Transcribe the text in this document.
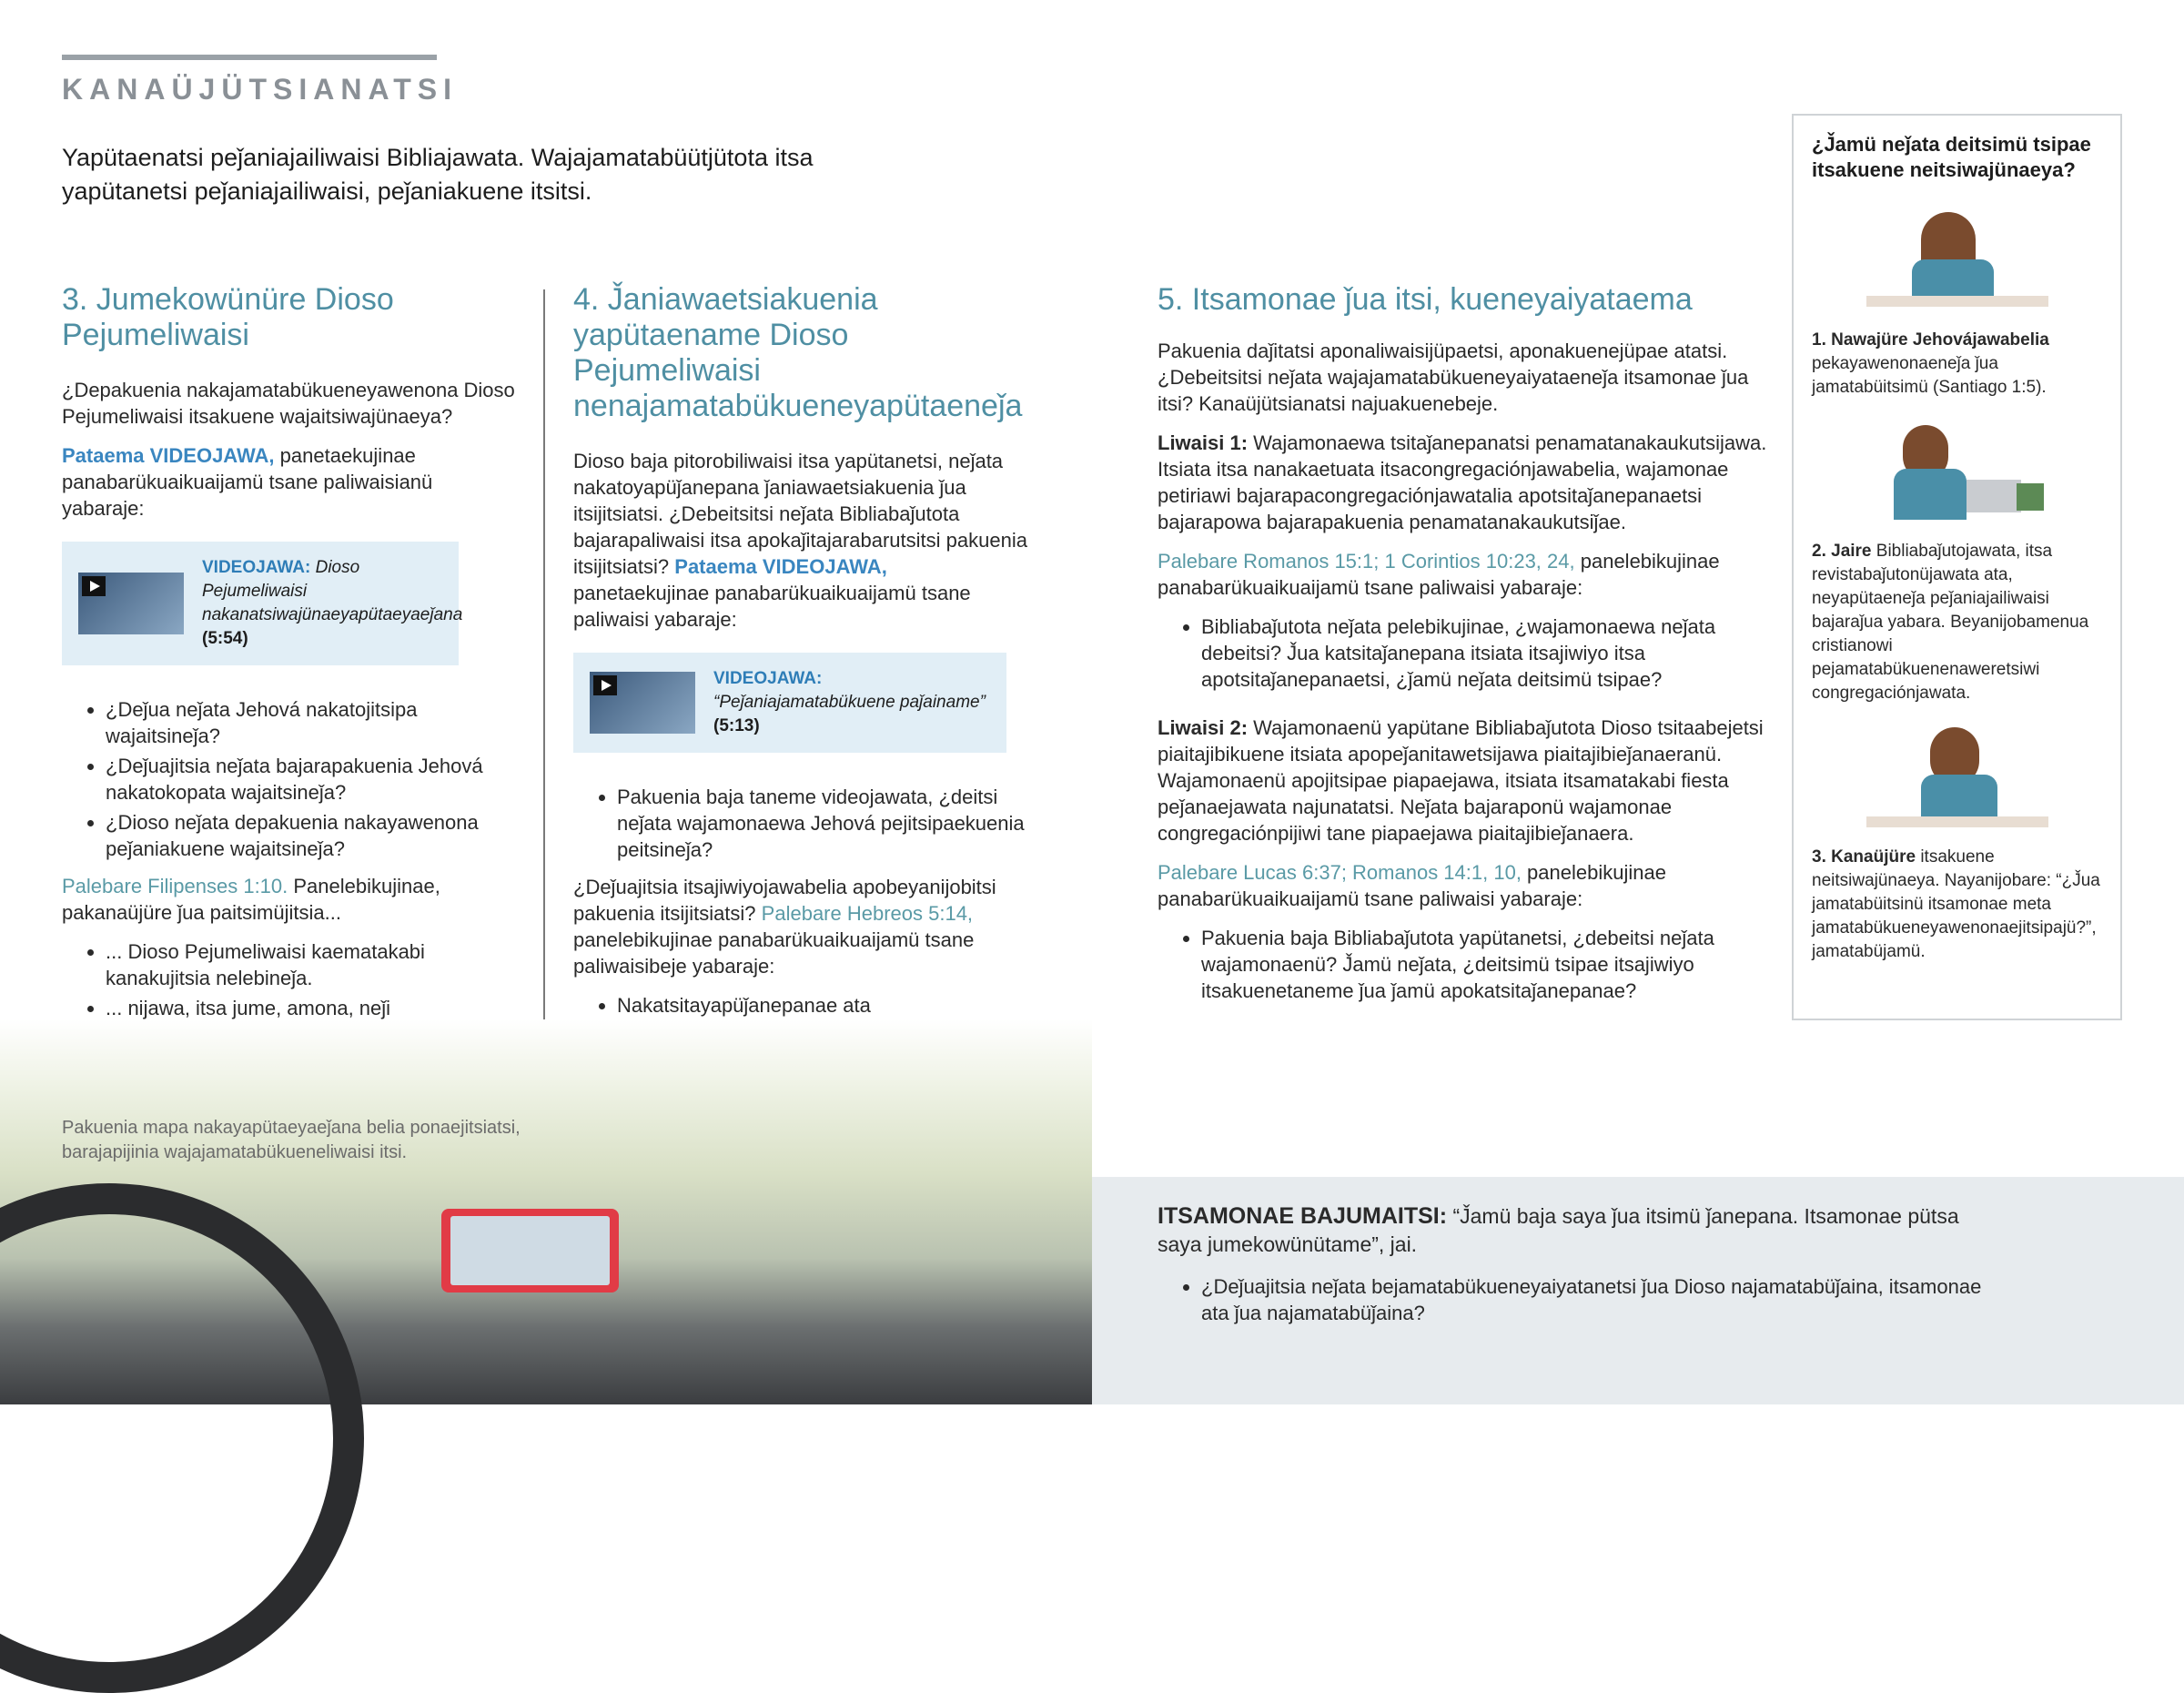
KANAÜJÜTSIANATSI
Yapütaenatsi peǰaniajailiwaisi Bibliajawata. Wajajamatabüütjütota itsa yapütanetsi peǰaniajailiwaisi, peǰaniakuene itsitsi.
3. Jumekowünüre Dioso Pejumeliwaisi

¿Depakuenia nakajamatabükueneyawenona Dioso Pejumeliwaisi itsakuene wajaitsiwajünaeya?

Pataema VIDEOJAWA, panetaekujinae panabarükuaikuaijamü tsane paliwaisianü yabaraje:

VIDEOJAWA: Dioso Pejumeliwaisi nakanatsiwajünaeyapütaeyaeǰana (5:54)
• ¿Deǰua neǰata Jehová nakatojitsipa wajaitsineǰa?
• ¿Deǰuajitsia neǰata bajarapakuenia Jehová nakatokopata wajaitsineǰa?
• ¿Dioso neǰata depakuenia nakayawenona peǰaniakuene wajaitsineǰa?

Palebare Filipenses 1:10. Panelebikujinae, pakanaüjüre ǰua paitsimüjitsia...

• ... Dioso Pejumeliwaisi kaematakabi kanakujitsia nelebineǰa.
• ... nijawa, itsa jume, amona, neǰi
•
4. J̌aniawaetsiakuenia yapütaename Dioso Pejumeliwaisi nenajamatabükueneyapütaeneǰa

Dioso baja pitorobiliwaisi itsa yapütanetsi, neǰata nakatoyapüǰanepana ǰaniawaetsiakuenia ǰua itsijitsiatsi. ¿Debeitsitsi neǰata Bibliabaǰutota bajarapaliwaisi itsa apokaǰitajarabarutsitsi pakuenia itsijitsiatsi? Pataema VIDEOJAWA, panetaekujinae panabarükuaikuaijamü tsane paliwaisi yabaraje:

VIDEOJAWA: “Peǰaniajamatabükuene paǰainame” (5:13)
• Pakuenia baja taneme videojawata, ¿deitsi neǰata wajamonaewa Jehová pejitsipaekuenia peitsineǰa?

¿Deǰuajitsia itsajiwiyojawabelia apobeyanijobitsi pakuenia itsijitsiatsi? Palebare Hebreos 5:14, panelebikujinae panabarükuaikuaijamü tsane paliwaisibeje yabaraje:

• Nakatsitayapüǰanepanae ata
•
5. Itsamonae ǰua itsi, kueneyaiyataema

Pakuenia daǰitatsi aponaliwaisijüpaetsi, aponakuenejüpae atatsi. ¿Debeitsitsi neǰata wajajamatabükueneyaiyataeneǰa itsamonae ǰua itsi? Kanaüjütsianatsi najuakuenebeje.

Liwaisi 1: Wajamonaewa tsitaǰanepanatsi penamatanakaukutsijawa. Itsiata itsa nanakaetuata itsacongregaciónjawabelia, wajamonae petiriawi bajarapacongregaciónjawatalia apotsitaǰanepanaetsi bajarapowa bajarapakuenia penamatanakaukutsiǰae.

Palebare Romanos 15:1; 1 Corintios 10:23, 24, panelebikujinae panabarükuaikuaijamü tsane paliwaisi yabaraje:

• Bibliabaǰutota neǰata pelebikujinae, ¿wajamonaewa neǰata debeitsi? J̌ua katsitaǰanepana itsiata itsajiwiyo itsa apotsitaǰanepanaetsi, ¿ǰamü neǰata deitsimü tsipae?

Liwaisi 2: Wajamonaenü yapütane Bibliabaǰutota Dioso tsitaabejetsi piaitajibikuene itsiata apopeǰanitawetsijawa piaitajibieǰanaeranü. Wajamonaenü apojitsipae piapaejawa, itsiata itsamatakabi fiesta peǰanaejawata najunatatsi. Neǰata bajaraponü wajamonae congregaciónpijiwi tane piapaejawa piaitajibieǰanaera.

Palebare Lucas 6:37; Romanos 14:1, 10, panelebikujinae panabarükuaikuaijamü tsane paliwaisi yabaraje:

• Pakuenia baja Bibliabaǰutota yapütanetsi, ¿debeitsi neǰata wajamonaenü? J̌amü neǰata, ¿deitsimü tsipae itsajiwiyo itsakuenetaneme ǰua ǰamü apokatsitaǰanepanae?
¿J̌amü neǰata deitsimü tsipae itsakuene neitsiwajünaeya?

1. Nawajüre Jehovájawabelia pekayawenonaeneǰa ǰua jamatabüitsimü (Santiago 1:5).

2. Jaire Bibliabaǰutojawata, itsa revistabaǰutonüjawata ata, neyapütaeneǰa peǰaniajailiwaisi bajaraǰua yabara. Beyanijobamenua cristianowi pejamatabükuenenaweretsiwi congregaciónjawata.

3. Kanaüjüre itsakuene neitsiwajünaeya. Nayanijobare: “¿J̌ua jamatabüitsinü itsamonae meta jamatabükueneyawenonaejitsipajü?”, jamatabüjamü.

Pakuenia mapa nakayapütaeyaeǰana belia ponaejitsiatsi, barajapijinia wajajamatabükueneliwaisi itsi.

ITSAMONAE BAJUMAITSI: “J̌amü baja saya ǰua itsimü ǰanepana. Itsamonae pütsa saya jumekowünütame”, jai.

• ¿Deǰuajitsia neǰata bejamatabükueneyaiyatanetsi ǰua Dioso najamatabüǰaina, itsamonae ata ǰua najamatabüǰaina?
